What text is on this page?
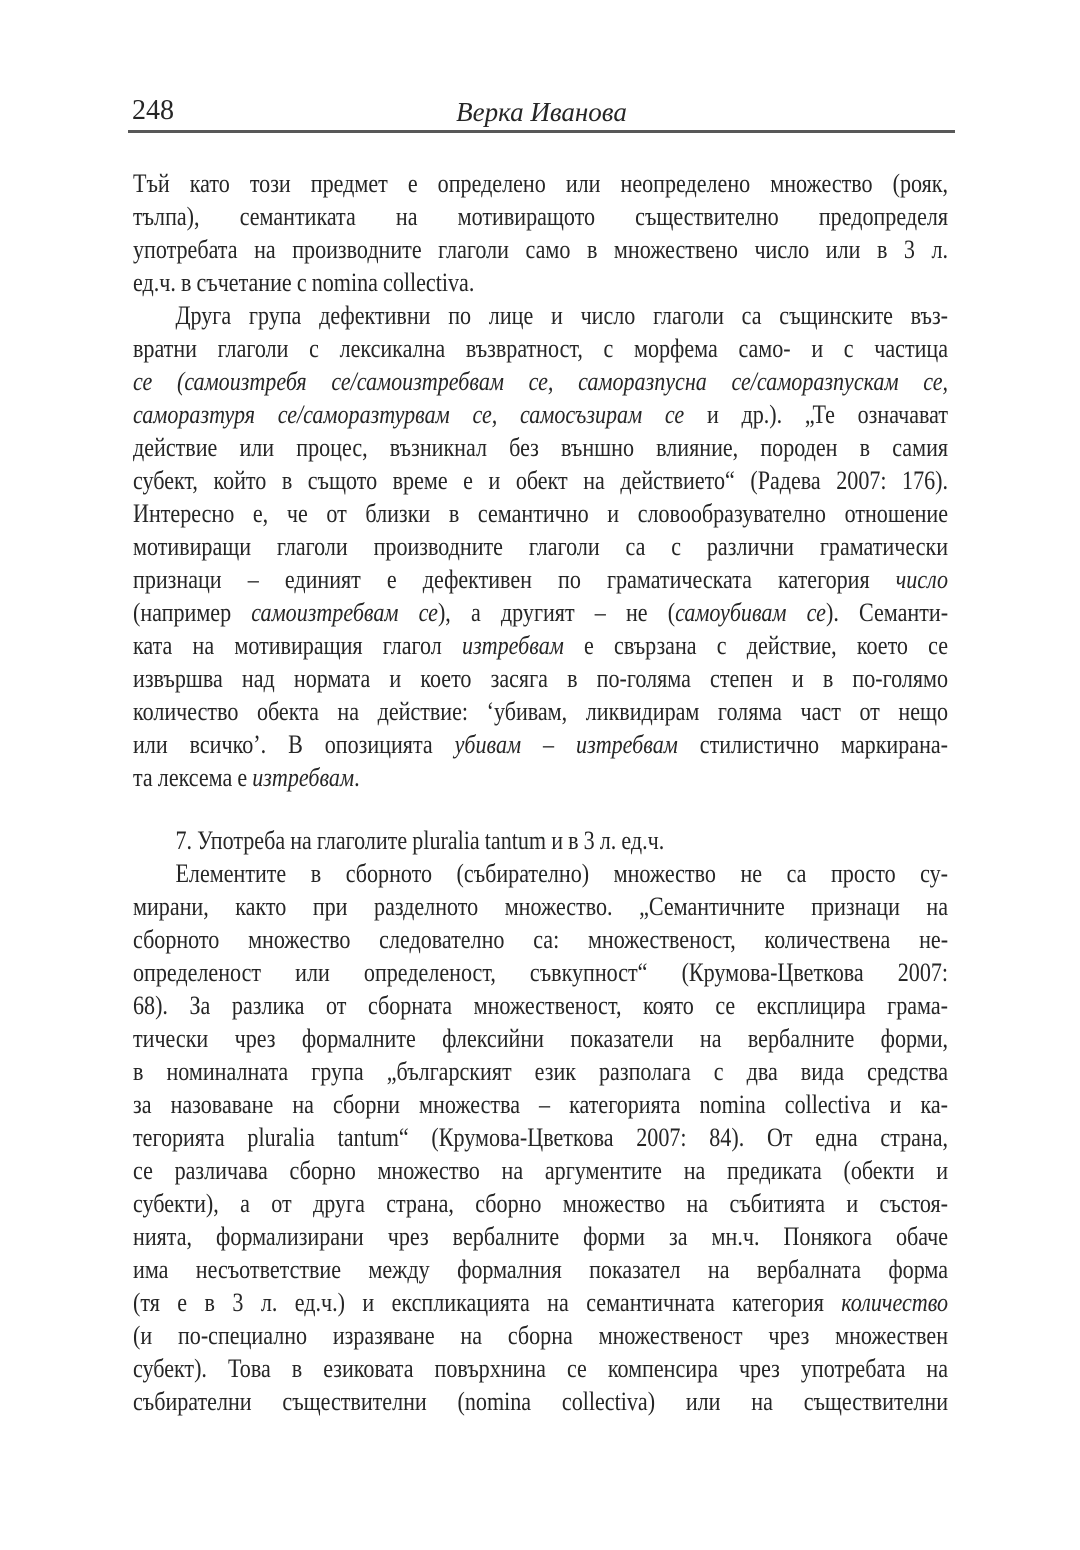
248	Верка Иванова
Тъй като този предмет е определено или неопределено множество (рояк,
тълпа), семантиката на мотивиращото съществително предопределя
употребата на производните глаголи само в множествено число или в 3 л.
ед.ч. в съчетание с nomina collectiva.
Друга група дефективни по лице и число глаголи са същинските въз-
вратни глаголи с лексикална възвратност, с морфема само- и с частица
се (самоизтребя се/самоизтребвам се, саморазпусна се/саморазпускам се,
саморазтуря се/саморазтурвам се, самосъзирам се и др.). „Те означават
действие или процес, възникнал без външно влияние, породен в самия
субект, който в същото време е и обект на действието“ (Радева 2007: 176).
Интересно е, че от близки в семантично и словообразувателно отношение
мотивиращи глаголи производните глаголи са с различни граматически
признаци – единият е дефективен по граматическата категория число
(например самоизтребвам се), а другият – не (самоубивам се). Семанти-
ката на мотивиращия глагол изтребвам е свързана с действие, което се
извършва над нормата и което засяга в по-голяма степен и в по-голямо
количество обекта на действие: ‘убивам, ликвидирам голяма част от нещо
или всичко’. В опозицията убивам – изтребвам стилистично маркирана-
та лексема е изтребвам.
7. Употреба на глаголите pluralia tantum и в 3 л. ед.ч.
Елементите в сборното (събирателно) множество не са просто су-
мирани, както при разделното множество. „Семантичните признаци на
сборното множество следователно са: множественост, количествена не-
определеност или определеност, съвкупност“ (Крумова-Цветкова 2007:
68). За разлика от сборната множественост, която се експлицира грама-
тически чрез формалните флексийни показатели на вербалните форми,
в номиналната група „българският език разполага с два вида средства
за назоваване на сборни множества – категорията nomina collectiva и ка-
тегорията pluralia tantum“ (Крумова-Цветкова 2007: 84). От една страна,
се различава сборно множество на аргументите на предиката (обекти и
субекти), а от друга страна, сборно множество на събитията и състоя-
нията, формализирани чрез вербалните форми за мн.ч. Понякога обаче
има несъответствие между формалния показател на вербалната форма
(тя е в 3 л. ед.ч.) и експликацията на семантичната категория количество
(и по-специално изразяване на сборна множественост чрез множествен
субект). Това в езиковата повърхнина се компенсира чрез употребата на
събирателни съществителни (nomina collectiva) или на съществителни
